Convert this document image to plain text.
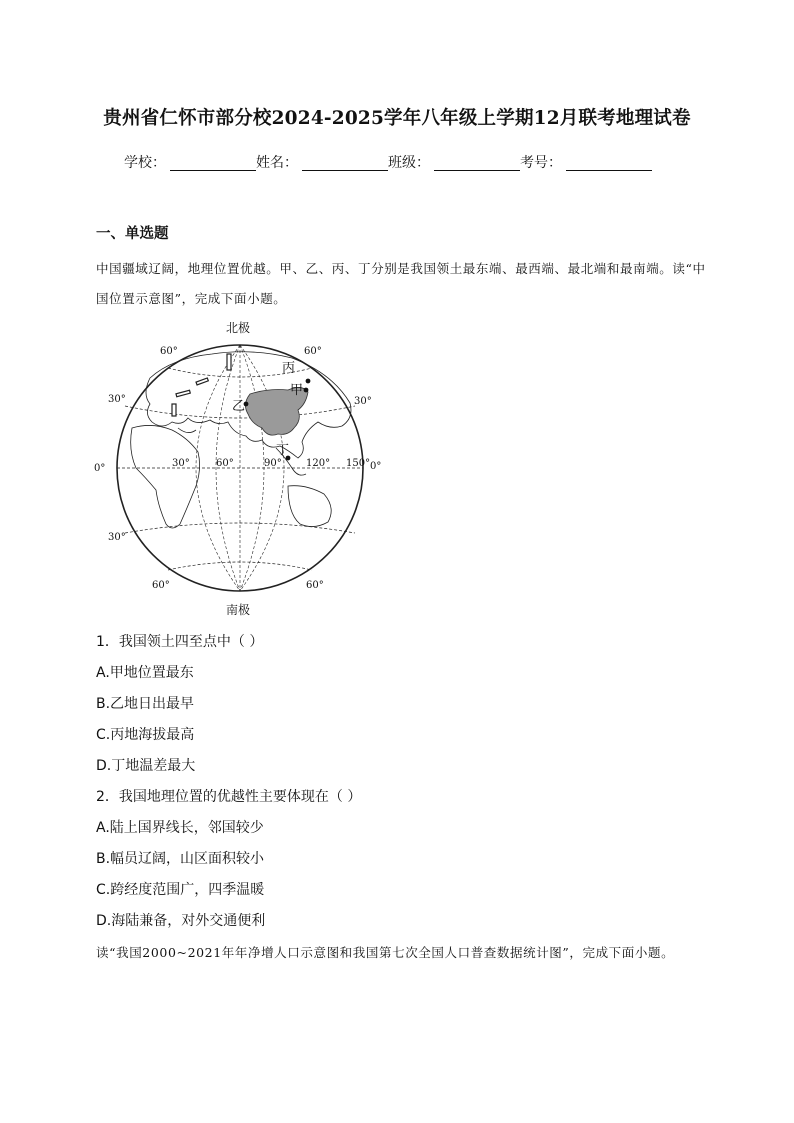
贵州省仁怀市部分校2024-2025学年八年级上学期12月联考地理试卷
学校：	姓名：	班级：	考号：
一、单选题
中国疆域辽阔，地理位置优越。甲、乙、丙、丁分别是我国领土最东端、最西端、最北端和最南端。读“中国位置示意图”，完成下面小题。
北极
南极
60°	60°
30°	30°
0°	0°
30°
60°	60°
30°	60°	90° 120° 150°
丙
甲
乙
丁
1．我国领土四至点中（ ）
A.甲地位置最东
B.乙地日出最早
C.丙地海拔最高
D.丁地温差最大
2．我国地理位置的优越性主要体现在（ ）
A.陆上国界线长，邻国较少
B.幅员辽阔，山区面积较小
C.跨经度范围广，四季温暖
D.海陆兼备，对外交通便利
读“我国2000~2021年年净增人口示意图和我国第七次全国人口普查数据统计图”，完成下面小题。
